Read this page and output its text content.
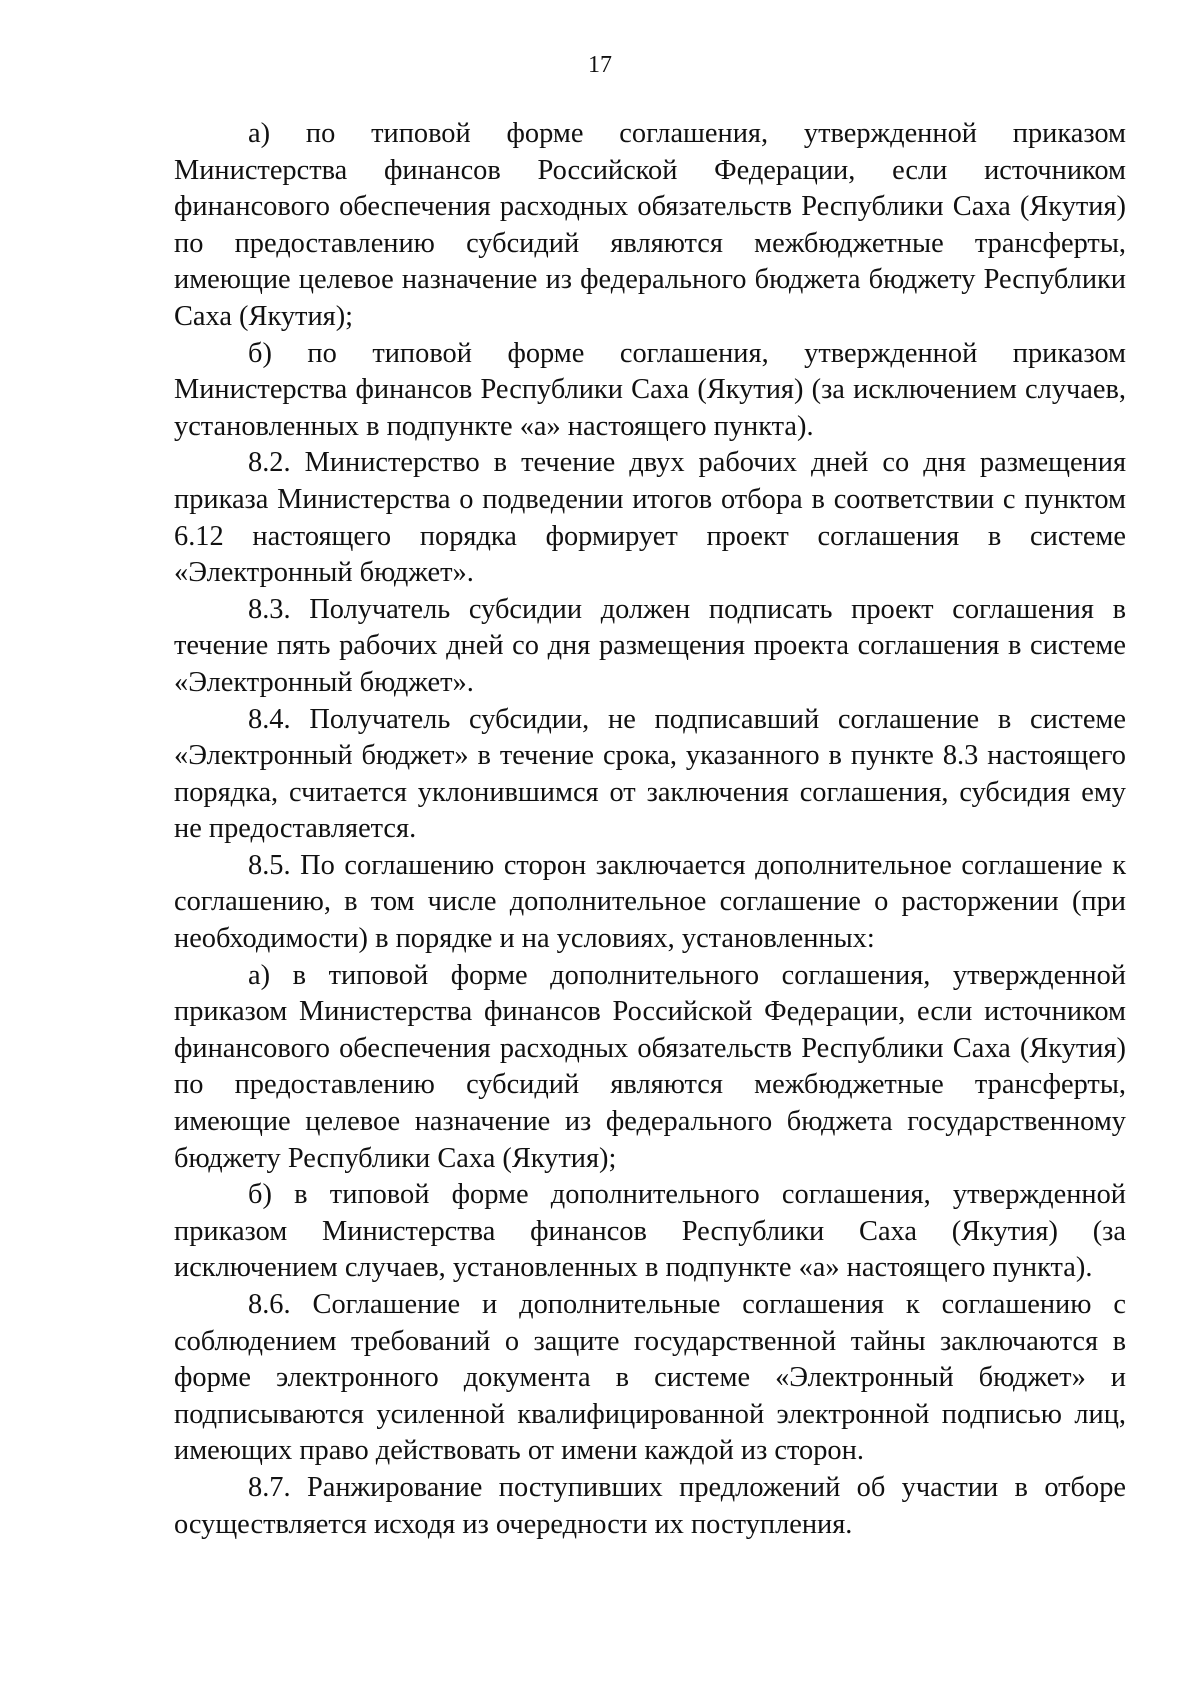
17

а) по типовой форме соглашения, утвержденной приказом Министерства финансов Российской Федерации, если источником финансового обеспечения расходных обязательств Республики Саха (Якутия) по предоставлению субсидий являются межбюджетные трансферты, имеющие целевое назначение из федерального бюджета бюджету Республики Саха (Якутия);

б) по типовой форме соглашения, утвержденной приказом Министерства финансов Республики Саха (Якутия) (за исключением случаев, установленных в подпункте «а» настоящего пункта).

8.2. Министерство в течение двух рабочих дней со дня размещения приказа Министерства о подведении итогов отбора в соответствии с пунктом 6.12 настоящего порядка формирует проект соглашения в системе «Электронный бюджет».

8.3. Получатель субсидии должен подписать проект соглашения в течение пять рабочих дней со дня размещения проекта соглашения в системе «Электронный бюджет».

8.4. Получатель субсидии, не подписавший соглашение в системе «Электронный бюджет» в течение срока, указанного в пункте 8.3 настоящего порядка, считается уклонившимся от заключения соглашения, субсидия ему не предоставляется.

8.5. По соглашению сторон заключается дополнительное соглашение к соглашению, в том числе дополнительное соглашение о расторжении (при необходимости) в порядке и на условиях, установленных:

а) в типовой форме дополнительного соглашения, утвержденной приказом Министерства финансов Российской Федерации, если источником финансового обеспечения расходных обязательств Республики Саха (Якутия) по предоставлению субсидий являются межбюджетные трансферты, имеющие целевое назначение из федерального бюджета государственному бюджету Республики Саха (Якутия);

б) в типовой форме дополнительного соглашения, утвержденной приказом Министерства финансов Республики Саха (Якутия) (за исключением случаев, установленных в подпункте «а» настоящего пункта).

8.6. Соглашение и дополнительные соглашения к соглашению с соблюдением требований о защите государственной тайны заключаются в форме электронного документа в системе «Электронный бюджет» и подписываются усиленной квалифицированной электронной подписью лиц, имеющих право действовать от имени каждой из сторон.

8.7. Ранжирование поступивших предложений об участии в отборе осуществляется исходя из очередности их поступления.
